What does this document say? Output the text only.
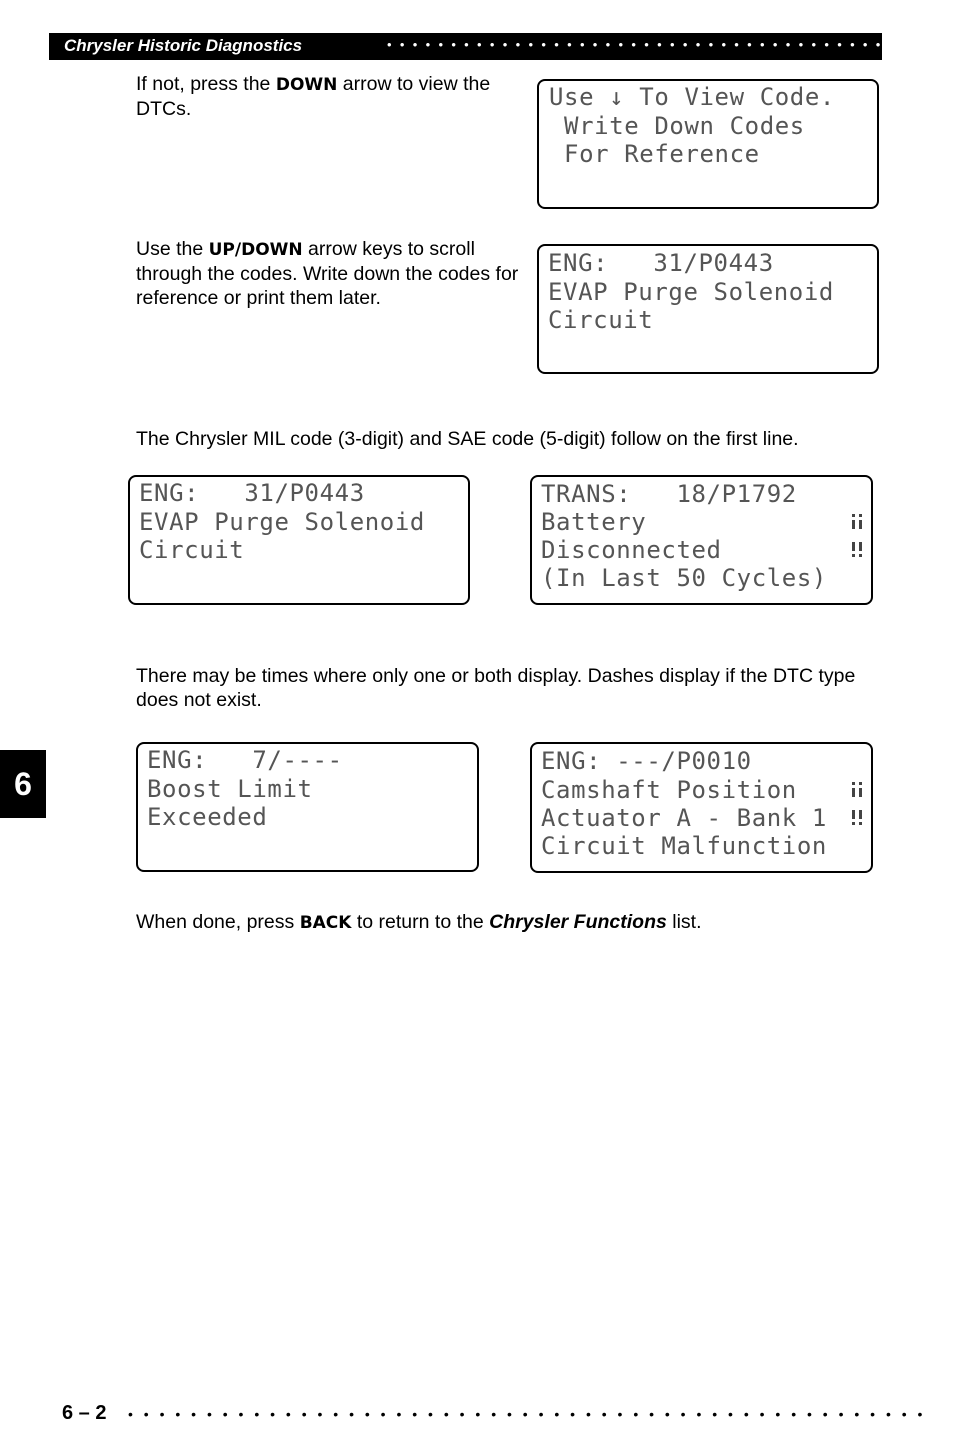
Chrysler Historic Diagnostics	• • • • • • • • • • • • • • • • • • • • • • • • • • • • • • • • • • • • • • • • • • • • • •

If not, press the DOWN arrow to view the DTCs.	Use ↓ To View Code.
Write Down Codes
For Reference

Use the UP/DOWN arrow keys to scroll through the codes. Write down the codes for reference or print them later.

ENG:   31/P0443
EVAP Purge Solenoid
Circuit

The Chrysler MIL code (3-digit) and SAE code (5-digit) follow on the first line.

ENG:   31/P0443
EVAP Purge Solenoid
Circuit
TRANS:   18/P1792
Battery
Disconnected
(In Last 50 Cycles)

There may be times where only one or both display. Dashes display if the DTC type does not exist.

6
ENG:   7/----
Boost Limit
Exceeded
ENG: ---/P0010
Camshaft Position
Actuator A - Bank 1
Circuit Malfunction

When done, press BACK to return to the Chrysler Functions list.

6 – 2 • • • • • • • • • • • • • • • • • • • • • • • • • • • • • • • • • • • • • • • • • • • • • • • • • • •
